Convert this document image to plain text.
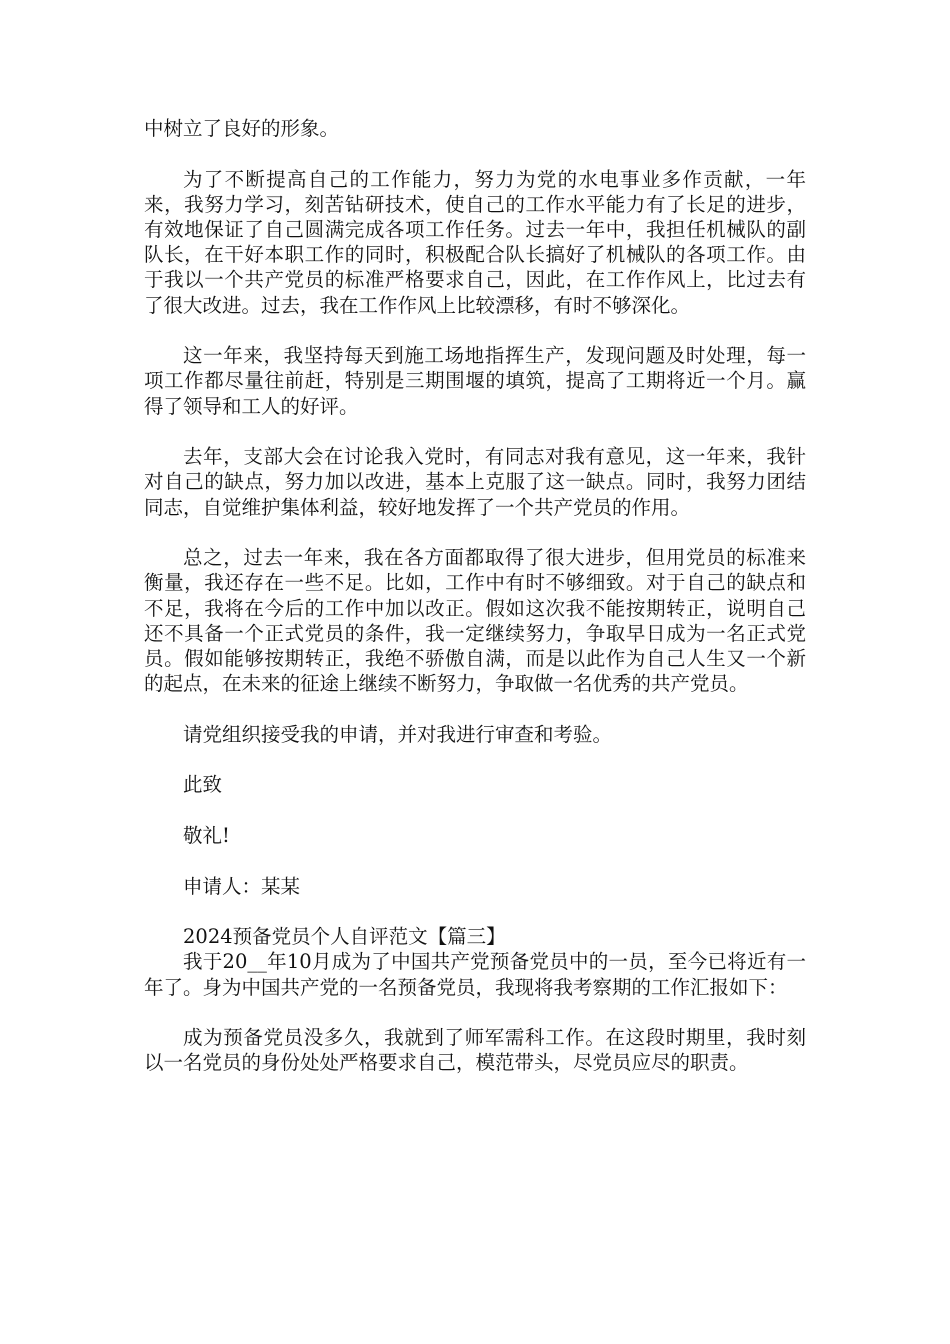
中树立了良好的形象。

为了不断提高自己的工作能力，努力为党的水电事业多作贡献，一年来，我努力学习，刻苦钻研技术，使自己的工作水平能力有了长足的进步，有效地保证了自己圆满完成各项工作任务。过去一年中，我担任机械队的副队长，在干好本职工作的同时，积极配合队长搞好了机械队的各项工作。由于我以一个共产党员的标准严格要求自己，因此，在工作作风上，比过去有了很大改进。过去，我在工作作风上比较漂移，有时不够深化。

这一年来，我坚持每天到施工场地指挥生产，发现问题及时处理，每一项工作都尽量往前赶，特别是三期围堰的填筑，提高了工期将近一个月。赢得了领导和工人的好评。

去年，支部大会在讨论我入党时，有同志对我有意见，这一年来，我针对自己的缺点，努力加以改进，基本上克服了这一缺点。同时，我努力团结同志，自觉维护集体利益，较好地发挥了一个共产党员的作用。

总之，过去一年来，我在各方面都取得了很大进步，但用党员的标准来衡量，我还存在一些不足。比如，工作中有时不够细致。对于自己的缺点和不足，我将在今后的工作中加以改正。假如这次我不能按期转正，说明自己还不具备一个正式党员的条件，我一定继续努力，争取早日成为一名正式党员。假如能够按期转正，我绝不骄傲自满，而是以此作为自己人生又一个新的起点，在未来的征途上继续不断努力，争取做一名优秀的共产党员。

请党组织接受我的申请，并对我进行审查和考验。

此致

敬礼!

申请人：某某

2024预备党员个人自评范文【篇三】

我于20__年10月成为了中国共产党预备党员中的一员，至今已将近有一年了。身为中国共产党的一名预备党员，我现将我考察期的工作汇报如下：

成为预备党员没多久，我就到了师军需科工作。在这段时期里，我时刻以一名党员的身份处处严格要求自己，模范带头，尽党员应尽的职责。
